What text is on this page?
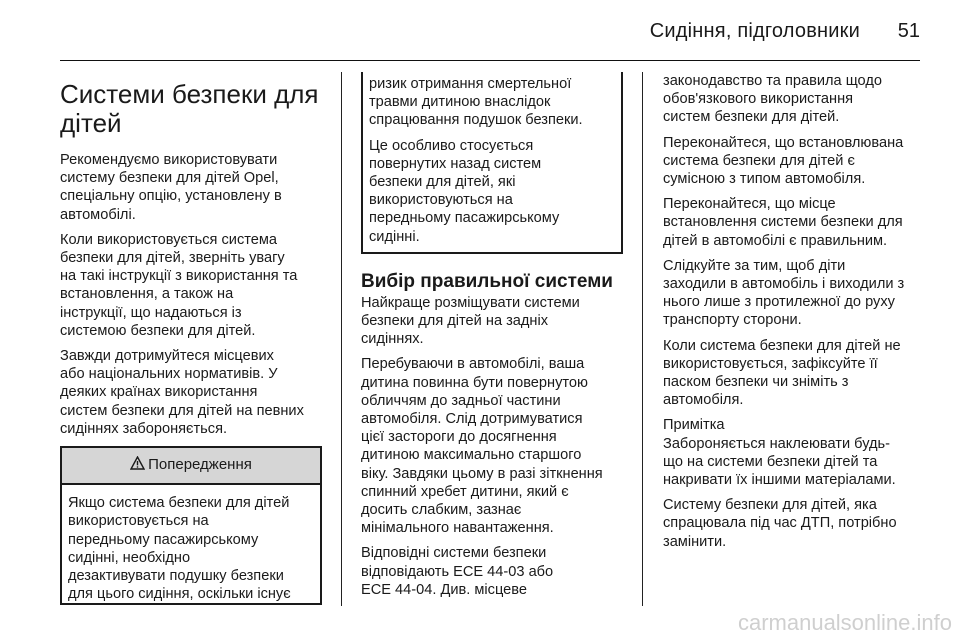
Сидіння, підголовники 51
Системи безпеки для
дітей

Рекомендуємо використовувати
систему безпеки для дітей Opel,
спеціальну опцію, установлену в
автомобілі.

Коли використовується система
безпеки для дітей, зверніть увагу
на такі інструкції з використання та
встановлення, а також на
інструкції, що надаються із
системою безпеки для дітей.

Завжди дотримуйтеся місцевих
або національних нормативів. У
деяких країнах використання
систем безпеки для дітей на певних
сидіннях забороняється.

Попередження
Якщо система безпеки для дітей
використовується на
передньому пасажирському
сидінні, необхідно
дезактивувати подушку безпеки
для цього сидіння, оскільки існує

ризик отримання смертельної
травми дитиною внаслідок
спрацювання подушок безпеки.

Це особливо стосується
повернутих назад систем
безпеки для дітей, які
використовуються на
передньому пасажирському
сидінні.

Вибір правильної системи

Найкраще розміщувати системи
безпеки для дітей на задніх
сидіннях.

Перебуваючи в автомобілі, ваша
дитина повинна бути повернутою
обличчям до задньої частини
автомобіля. Слід дотримуватися
цієї застороги до досягнення
дитиною максимально старшого
віку. Завдяки цьому в разі зіткнення
спинний хребет дитини, який є
досить слабким, зазнає
мінімального навантаження.

Відповідні системи безпеки
відповідають ECE 44-03 або
ECE 44-04. Див. місцеве

законодавство та правила щодо
обов'язкового використання
систем безпеки для дітей.

Переконайтеся, що встановлювана
система безпеки для дітей є
сумісною з типом автомобіля.

Переконайтеся, що місце
встановлення системи безпеки для
дітей в автомобілі є правильним.

Слідкуйте за тим, щоб діти
заходили в автомобіль і виходили з
нього лише з протилежної до руху
транспорту сторони.

Коли система безпеки для дітей не
використовується, зафіксуйте її
паском безпеки чи зніміть з
автомобіля.

Примітка

Забороняється наклеювати будь-
що на системи безпеки дітей та
накривати їх іншими матеріалами.

Систему безпеки для дітей, яка
спрацювала під час ДТП, потрібно
замінити.

carmanualsonline.info
